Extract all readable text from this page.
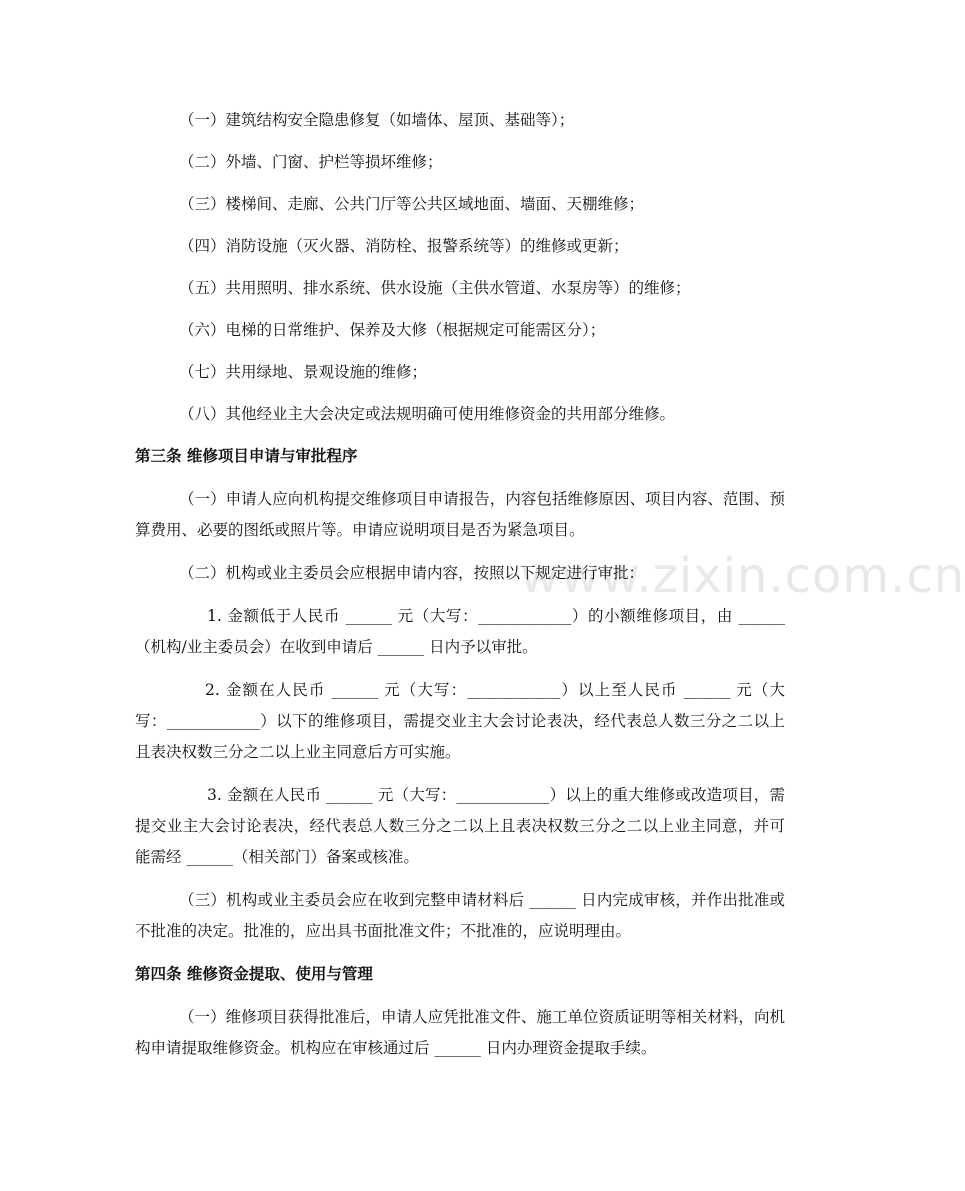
www.zixin.com.cn
（一）建筑结构安全隐患修复（如墙体、屋顶、基础等）；
（二）外墙、门窗、护栏等损坏维修；
（三）楼梯间、走廊、公共门厅等公共区域地面、墙面、天棚维修；
（四）消防设施（灭火器、消防栓、报警系统等）的维修或更新；
（五）共用照明、排水系统、供水设施（主供水管道、水泵房等）的维修；
（六）电梯的日常维护、保养及大修（根据规定可能需区分）；
（七）共用绿地、景观设施的维修；
（八）其他经业主大会决定或法规明确可使用维修资金的共用部分维修。
第三条 维修项目申请与审批程序
（一）申请人应向机构提交维修项目申请报告，内容包括维修原因、项目内容、范围、预算费用、必要的图纸或照片等。申请应说明项目是否为紧急项目。
（二）机构或业主委员会应根据申请内容，按照以下规定进行审批：
1. 金额低于人民币 ______ 元（大写：____________）的小额维修项目，由 ______（机构/业主委员会）在收到申请后 ______ 日内予以审批。
2. 金额在人民币 ______ 元（大写：____________）以上至人民币 ______ 元（大写：____________）以下的维修项目，需提交业主大会讨论表决，经代表总人数三分之二以上且表决权数三分之二以上业主同意后方可实施。
3. 金额在人民币 ______ 元（大写：____________）以上的重大维修或改造项目，需提交业主大会讨论表决，经代表总人数三分之二以上且表决权数三分之二以上业主同意，并可能需经 ______（相关部门）备案或核准。
（三）机构或业主委员会应在收到完整申请材料后 ______ 日内完成审核，并作出批准或不批准的决定。批准的，应出具书面批准文件；不批准的，应说明理由。
第四条 维修资金提取、使用与管理
（一）维修项目获得批准后，申请人应凭批准文件、施工单位资质证明等相关材料，向机构申请提取维修资金。机构应在审核通过后 ______ 日内办理资金提取手续。
